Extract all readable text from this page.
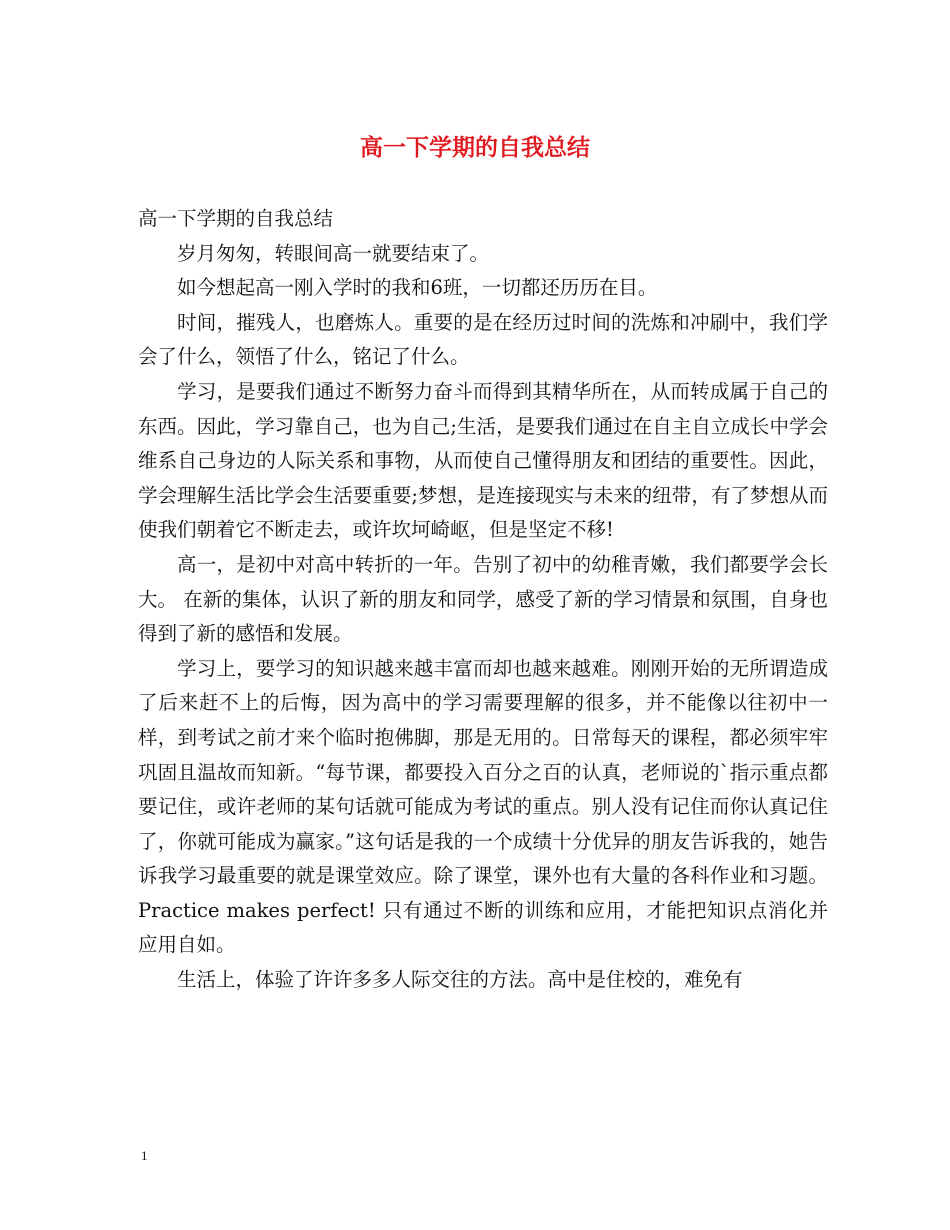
高一下学期的自我总结

高一下学期的自我总结

岁月匆匆，转眼间高一就要结束了。

如今想起高一刚入学时的我和6班，一切都还历历在目。

时间，摧残人，也磨炼人。重要的是在经历过时间的洗炼和冲刷中，我们学会了什么，领悟了什么，铭记了什么。

学习，是要我们通过不断努力奋斗而得到其精华所在，从而转成属于自己的东西。因此，学习靠自己，也为自己;生活，是要我们通过在自主自立成长中学会维系自己身边的人际关系和事物，从而使自己懂得朋友和团结的重要性。因此，学会理解生活比学会生活要重要;梦想，是连接现实与未来的纽带，有了梦想从而使我们朝着它不断走去，或许坎坷崎岖，但是坚定不移!

高一，是初中对高中转折的一年。告别了初中的幼稚青嫩，我们都要学会长大。 在新的集体，认识了新的朋友和同学，感受了新的学习情景和氛围，自身也得到了新的感悟和发展。

学习上，要学习的知识越来越丰富而却也越来越难。刚刚开始的无所谓造成了后来赶不上的后悔，因为高中的学习需要理解的很多，并不能像以往初中一样，到考试之前才来个临时抱佛脚，那是无用的。日常每天的课程，都必须牢牢巩固且温故而知新。“每节课，都要投入百分之百的认真，老师说的`指示重点都要记住，或许老师的某句话就可能成为考试的重点。别人没有记住而你认真记住了，你就可能成为赢家。”这句话是我的一个成绩十分优异的朋友告诉我的，她告诉我学习最重要的就是课堂效应。除了课堂，课外也有大量的各科作业和习题。Practice makes perfect! 只有通过不断的训练和应用，才能把知识点消化并应用自如。

生活上，体验了许许多多人际交往的方法。高中是住校的，难免有

1
